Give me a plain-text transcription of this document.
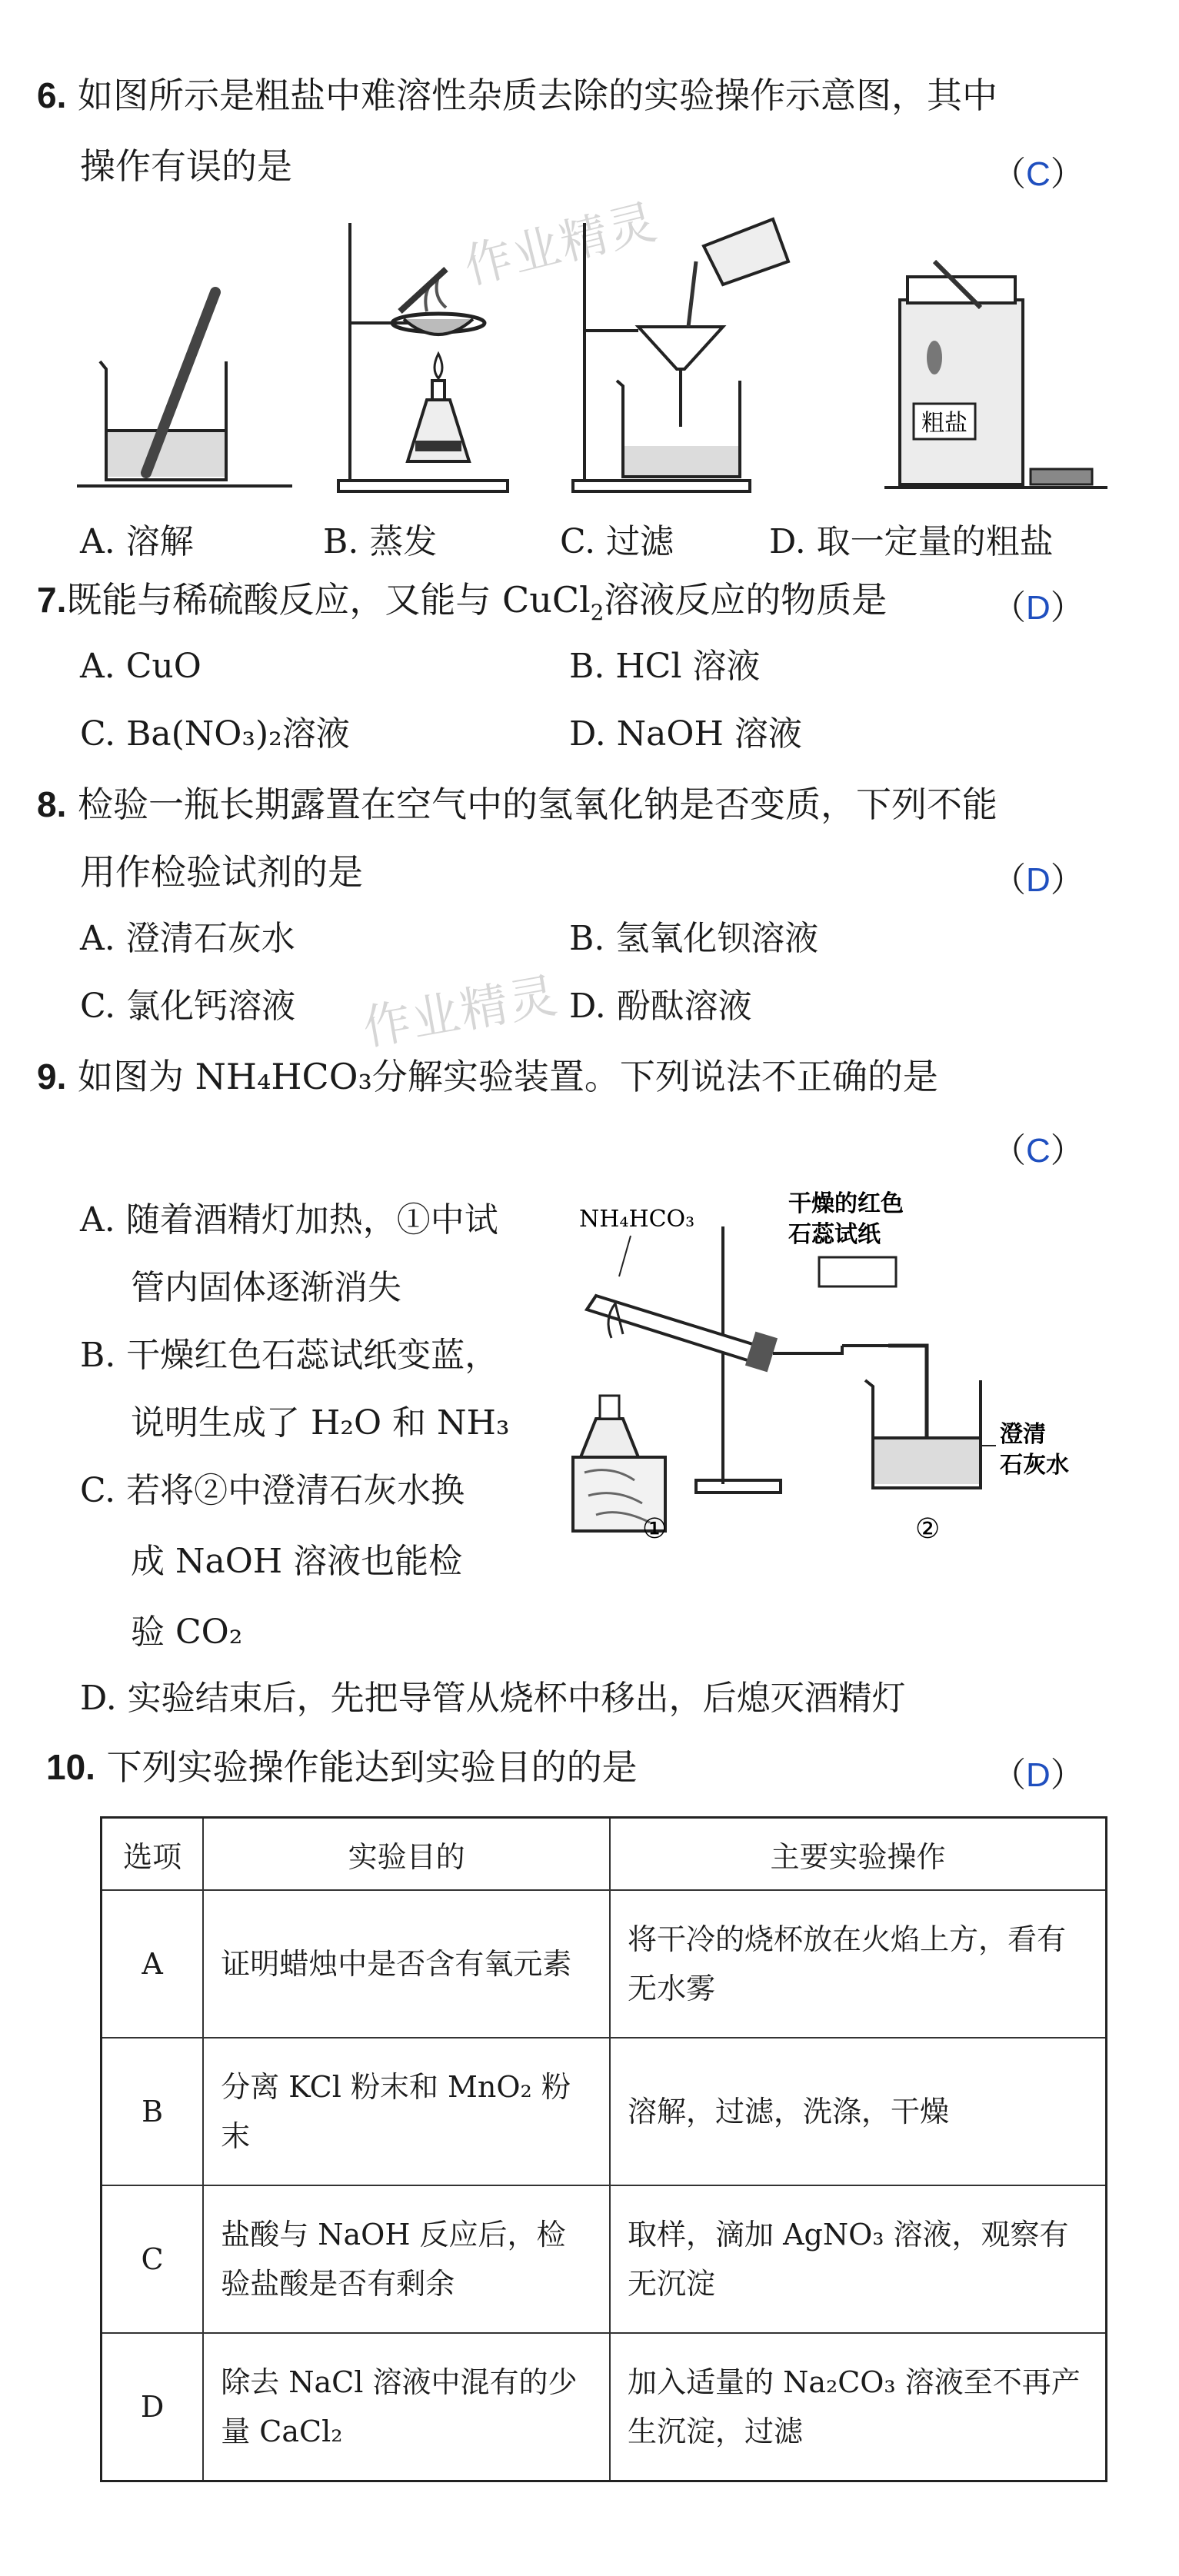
作业精灵
作业精灵
6. 如图所示是粗盐中难溶性杂质去除的实验操作示意图，其中
操作有误的是	（C）
粗盐
A. 溶解	B. 蒸发	C. 过滤	D. 取一定量的粗盐
7.既能与稀硫酸反应，又能与 CuCl$_2$溶液反应的物质是	（D）
A. CuO	B. HCl 溶液
C. Ba(NO₃)₂溶液	D. NaOH 溶液
8. 检验一瓶长期露置在空气中的氢氧化钠是否变质，下列不能
用作检验试剂的是	（D）
A. 澄清石灰水	B. 氢氧化钡溶液
C. 氯化钙溶液	D. 酚酞溶液
9. 如图为 NH₄HCO₃分解实验装置。下列说法不正确的是
（C）
A. 随着酒精灯加热，①中试
管内固体逐渐消失
B. 干燥红色石蕊试纸变蓝，
说明生成了 H₂O 和 NH₃
C. 若将②中澄清石灰水换
成 NaOH 溶液也能检
验 CO₂
D. 实验结束后，先把导管从烧杯中移出，后熄灭酒精灯
NH₄HCO₃
干燥的红色
石蕊试纸
澄清
石灰水
①	②
10. 下列实验操作能达到实验目的的是	（D）
选项	实验目的	主要实验操作
A	证明蜡烛中是否含有氧元素	将干冷的烧杯放在火焰上方，看有无水雾
B	分离 KCl 粉末和 MnO₂ 粉末	溶解，过滤，洗涤，干燥
C	盐酸与 NaOH 反应后，检验盐酸是否有剩余	取样，滴加 AgNO₃ 溶液，观察有无沉淀
D	除去 NaCl 溶液中混有的少量 CaCl₂	加入适量的 Na₂CO₃ 溶液至不再产生沉淀，过滤
